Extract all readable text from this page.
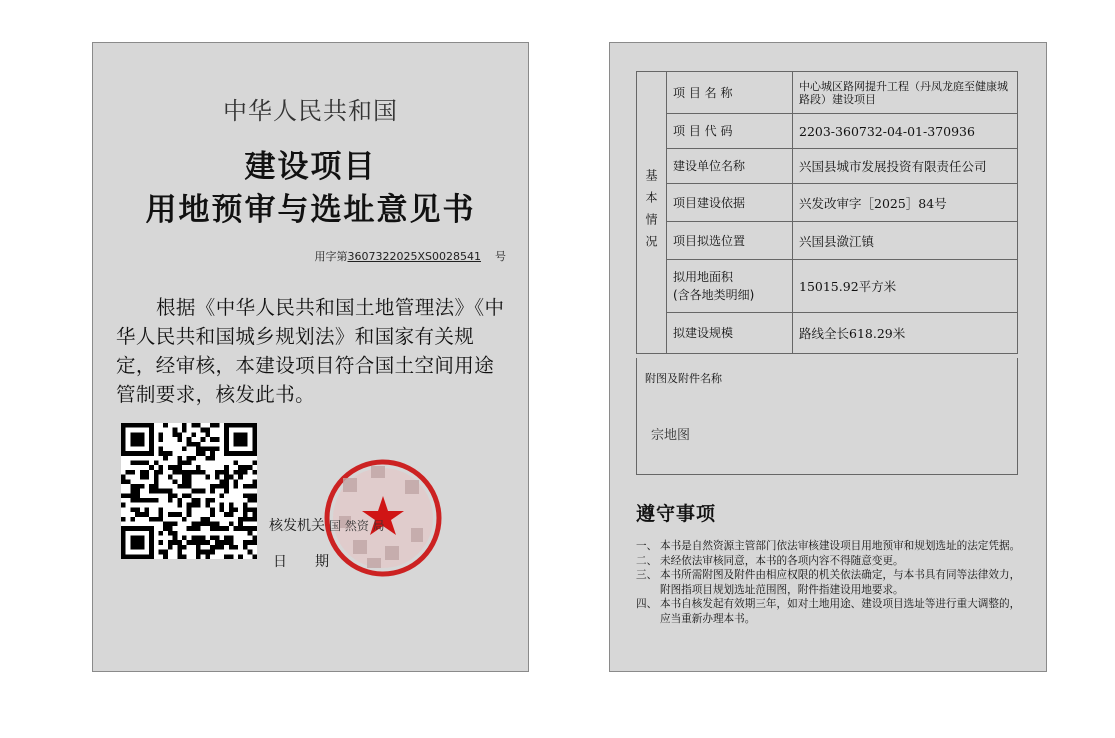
中华人民共和国
建设项目
用地预审与选址意见书
用字第3607322025XS0028541 号
根据《中华人民共和国土地管理法》《中华人民共和国城乡规划法》和国家有关规定，经审核，本建设项目符合国土空间用途管制要求，核发此书。
核发机关 国 然资 局
日　　期
基本情况	项 目 名 称	中心城区路网提升工程（丹凤龙庭至健康城路段）建设项目
	项 目 代 码	2203-360732-04-01-370936
	建设单位名称	兴国县城市发展投资有限责任公司
	项目建设依据	兴发改审字［2025］84号
	项目拟选位置	兴国县潋江镇
	拟用地面积
(含各地类明细)	15015.92平方米
	拟建设规模	路线全长618.29米
附图及附件名称
宗地图
遵守事项
一、 本书是自然资源主管部门依法审核建设项目用地预审和规划选址的法定凭据。
二、 未经依法审核同意，本书的各项内容不得随意变更。
三、 本书所需附图及附件由相应权限的机关依法确定，与本书具有同等法律效力，附图指项目规划选址范围图，附件指建设用地要求。
四、 本书自核发起有效期三年，如对土地用途、建设项目选址等进行重大调整的，应当重新办理本书。
